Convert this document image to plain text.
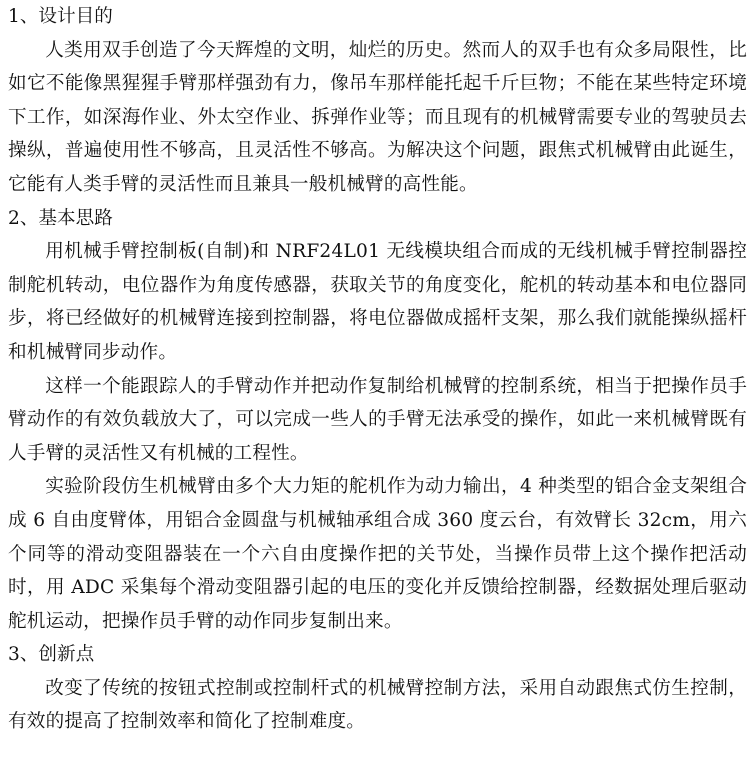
1、设计目的

人类用双手创造了今天辉煌的文明，灿烂的历史。然而人的双手也有众多局限性，比如它不能像黑猩猩手臂那样强劲有力，像吊车那样能托起千斤巨物；不能在某些特定环境下工作，如深海作业、外太空作业、拆弹作业等；而且现有的机械臂需要专业的驾驶员去操纵，普遍使用性不够高，且灵活性不够高。为解决这个问题，跟焦式机械臂由此诞生，它能有人类手臂的灵活性而且兼具一般机械臂的高性能。

2、基本思路

用机械手臂控制板(自制)和 NRF24L01 无线模块组合而成的无线机械手臂控制器控制舵机转动，电位器作为角度传感器，获取关节的角度变化，舵机的转动基本和电位器同步，将已经做好的机械臂连接到控制器，将电位器做成摇杆支架，那么我们就能操纵摇杆和机械臂同步动作。

这样一个能跟踪人的手臂动作并把动作复制给机械臂的控制系统，相当于把操作员手臂动作的有效负载放大了，可以完成一些人的手臂无法承受的操作，如此一来机械臂既有人手臂的灵活性又有机械的工程性。

实验阶段仿生机械臂由多个大力矩的舵机作为动力输出，4 种类型的铝合金支架组合成 6 自由度臂体，用铝合金圆盘与机械轴承组合成 360 度云台，有效臂长 32cm，用六个同等的滑动变阻器装在一个六自由度操作把的关节处，当操作员带上这个操作把活动时，用 ADC 采集每个滑动变阻器引起的电压的变化并反馈给控制器，经数据处理后驱动舵机运动，把操作员手臂的动作同步复制出来。

3、创新点

改变了传统的按钮式控制或控制杆式的机械臂控制方法，采用自动跟焦式仿生控制，有效的提高了控制效率和简化了控制难度。
